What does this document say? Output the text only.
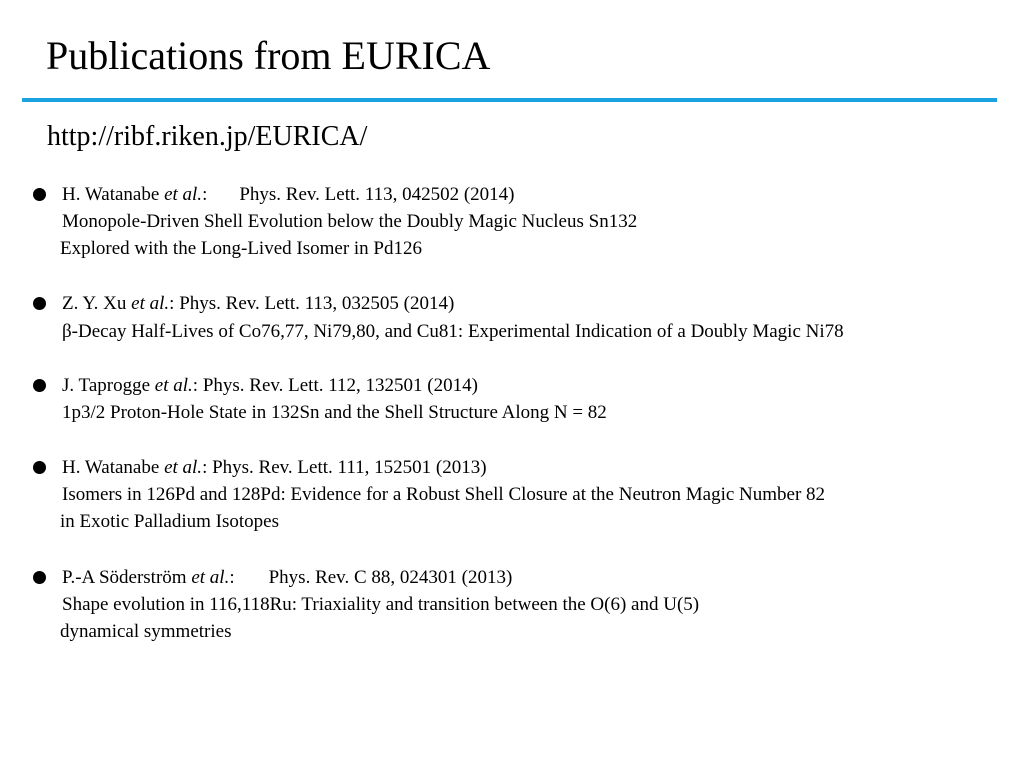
Publications from EURICA
http://ribf.riken.jp/EURICA/
H. Watanabe et al.: Phys. Rev. Lett. 113, 042502 (2014)
Monopole-Driven Shell Evolution below the Doubly Magic Nucleus Sn132
Explored with the Long-Lived Isomer in Pd126
Z. Y. Xu et al.: Phys. Rev. Lett. 113, 032505 (2014)
β-Decay Half-Lives of Co76,77, Ni79,80, and Cu81: Experimental Indication of a Doubly Magic Ni78
J. Taprogge et al.: Phys. Rev. Lett. 112, 132501 (2014)
1p3/2 Proton-Hole State in 132Sn and the Shell Structure Along N = 82
H. Watanabe et al.: Phys. Rev. Lett. 111, 152501 (2013)
Isomers in 126Pd and 128Pd: Evidence for a Robust Shell Closure at the Neutron Magic Number 82
in Exotic Palladium Isotopes
P.-A Söderström et al.: Phys. Rev. C 88, 024301 (2013)
Shape evolution in 116,118Ru: Triaxiality and transition between the O(6) and U(5)
dynamical symmetries
